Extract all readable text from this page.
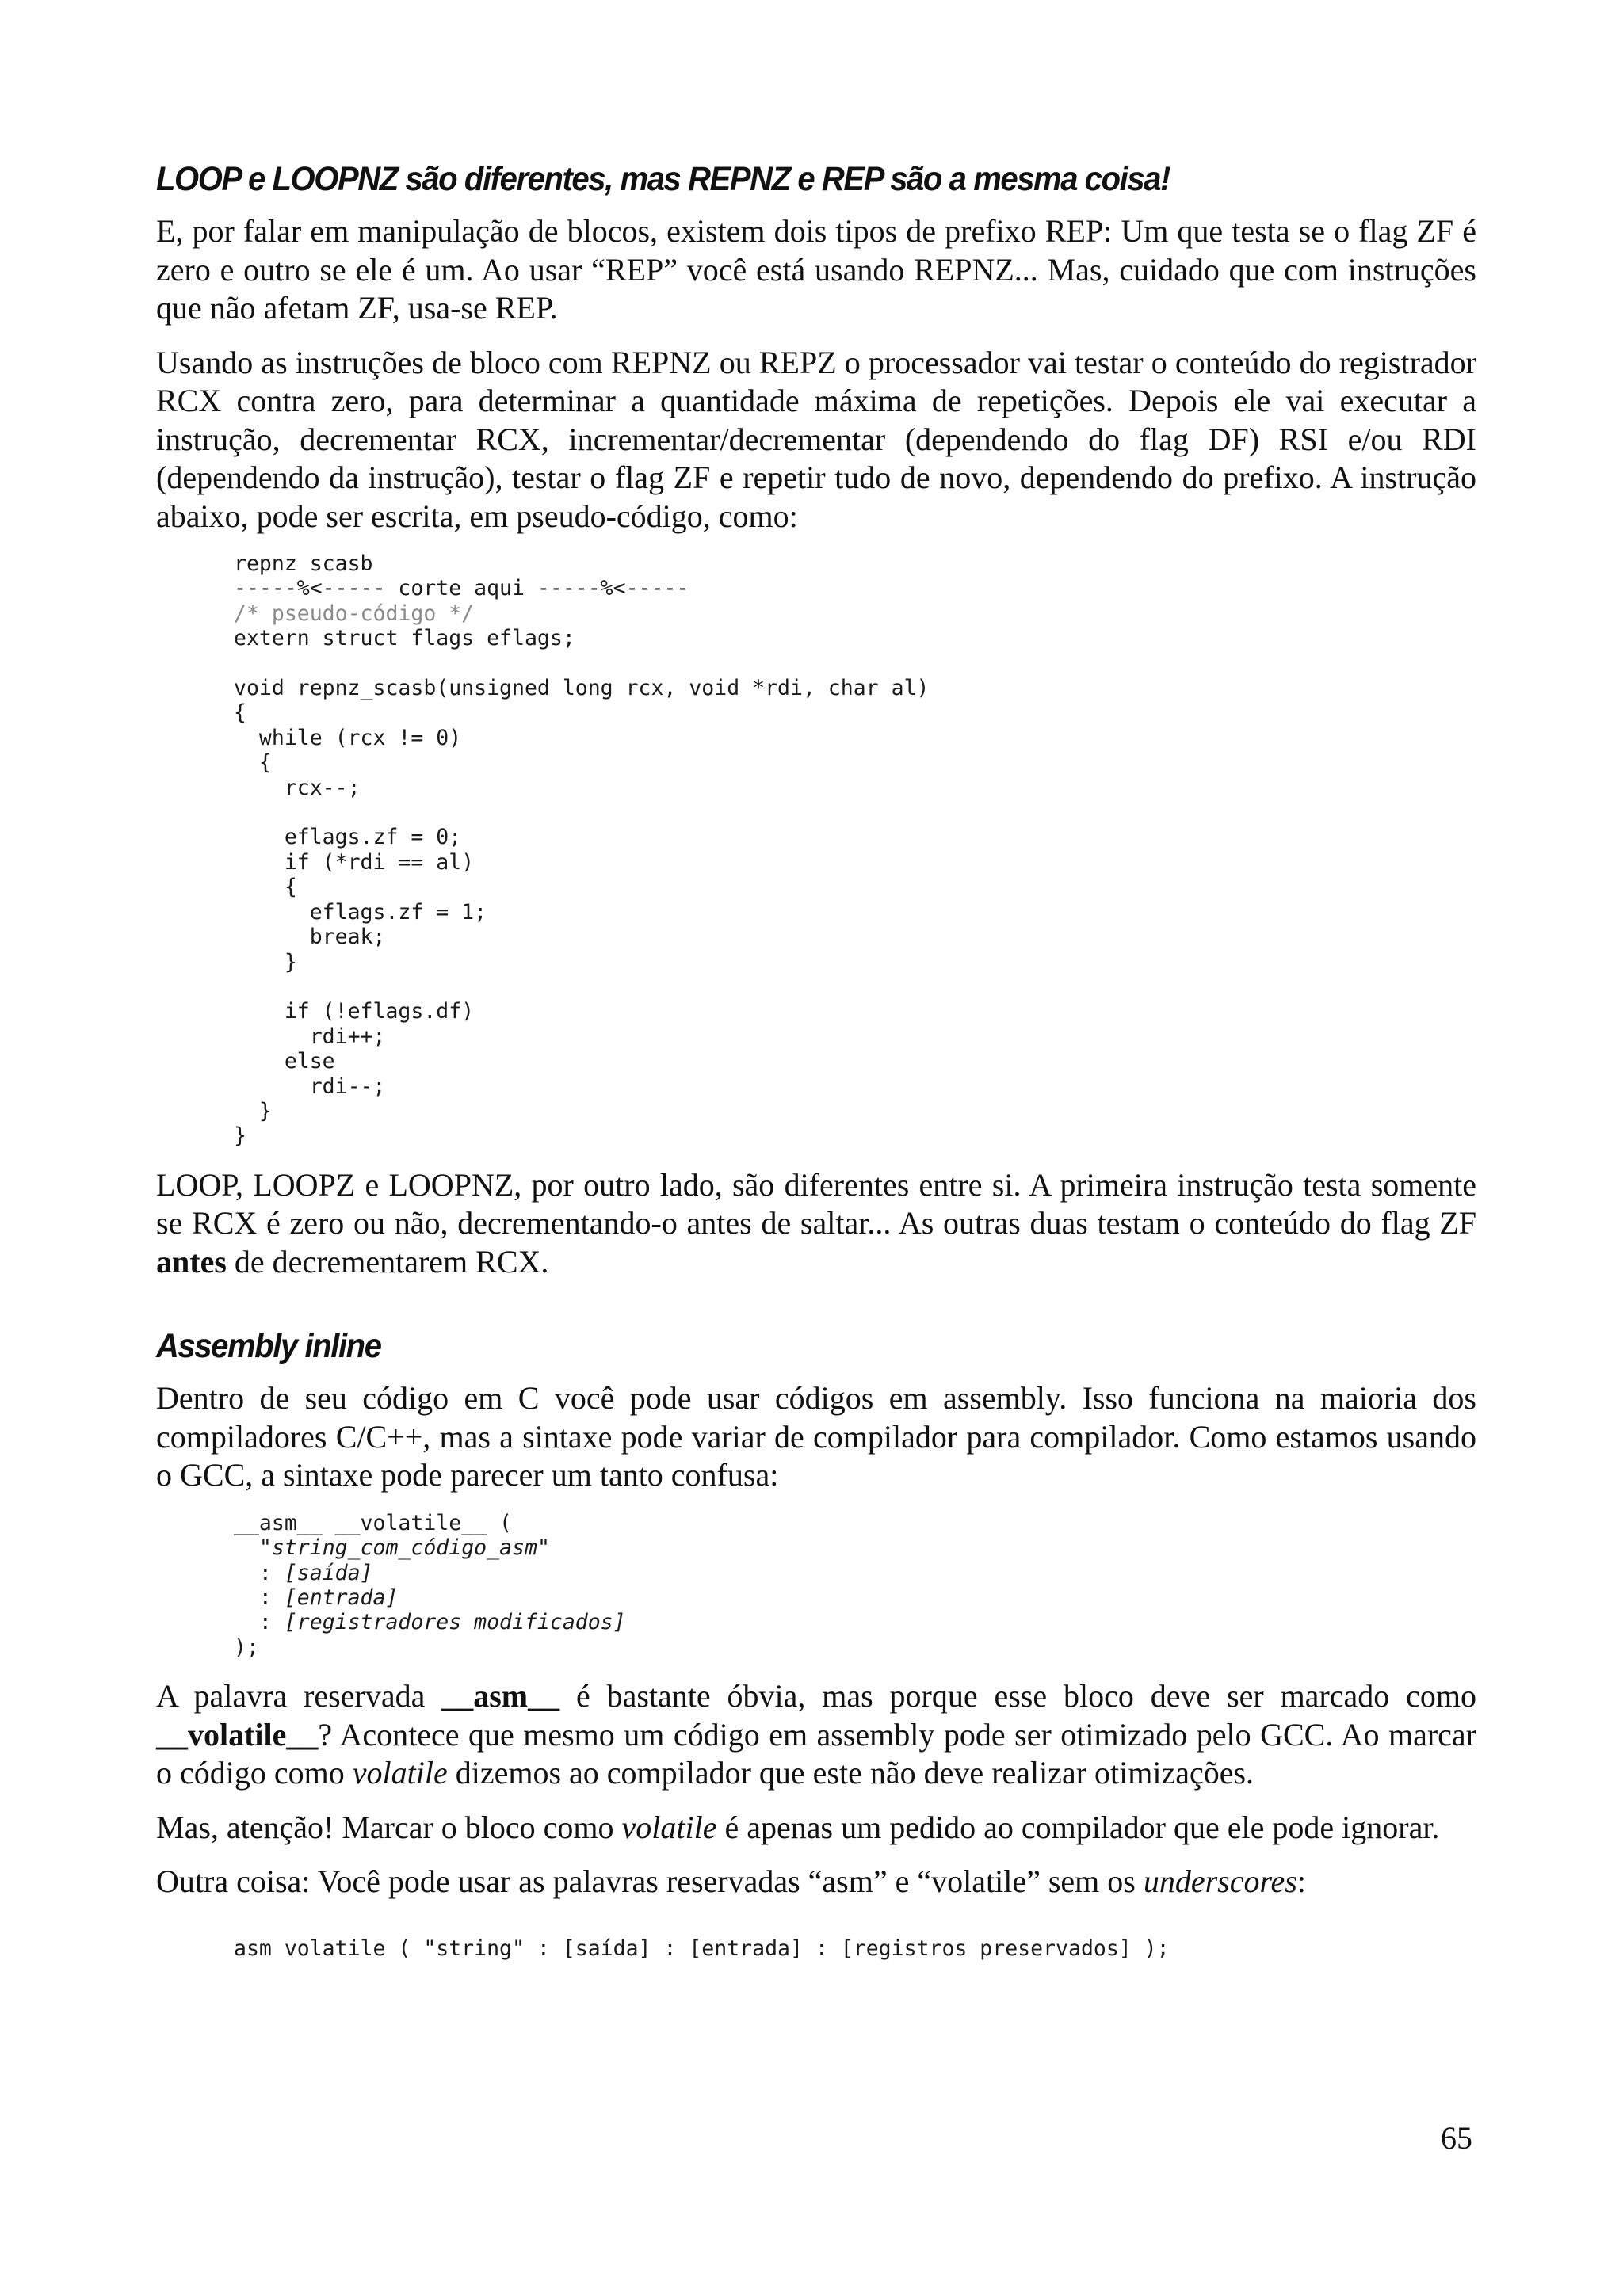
LOOP e LOOPNZ são diferentes, mas REPNZ e REP são a mesma coisa!

E, por falar em manipulação de blocos, existem dois tipos de prefixo REP: Um que testa se o flag ZF é zero e outro se ele é um. Ao usar “REP” você está usando REPNZ... Mas, cuidado que com instruções que não afetam ZF, usa-se REP.

Usando as instruções de bloco com REPNZ ou REPZ o processador vai testar o conteúdo do registrador RCX contra zero, para determinar a quantidade máxima de repetições. Depois ele vai executar a instrução, decrementar RCX, incrementar/decrementar (dependendo do flag DF) RSI e/ou RDI (dependendo da instrução), testar o flag ZF e repetir tudo de novo, dependendo do prefixo. A instrução abaixo, pode ser escrita, em pseudo-código, como:

repnz scasb
-----%<----- corte aqui -----%<-----
/* pseudo-código */
extern struct flags eflags;

void repnz_scasb(unsigned long rcx, void *rdi, char al)
{
while (rcx != 0)
{
rcx--;

eflags.zf = 0;
if (*rdi == al)
{
eflags.zf = 1;
break;
}

if (!eflags.df)
rdi++;
else
rdi--;
}
}

LOOP, LOOPZ e LOOPNZ, por outro lado, são diferentes entre si. A primeira instrução testa somente se RCX é zero ou não, decrementando-o antes de saltar... As outras duas testam o conteúdo do flag ZF antes de decrementarem RCX.

Assembly inline

Dentro de seu código em C você pode usar códigos em assembly. Isso funciona na maioria dos compiladores C/C++, mas a sintaxe pode variar de compilador para compilador. Como estamos usando o GCC, a sintaxe pode parecer um tanto confusa:

__asm__ __volatile__ (
"string_com_código_asm"
: [saída]
: [entrada]
: [registradores modificados]
);

A palavra reservada __asm__ é bastante óbvia, mas porque esse bloco deve ser marcado como __volatile__? Acontece que mesmo um código em assembly pode ser otimizado pelo GCC. Ao marcar o código como volatile dizemos ao compilador que este não deve realizar otimizações.

Mas, atenção! Marcar o bloco como volatile é apenas um pedido ao compilador que ele pode ignorar.

Outra coisa: Você pode usar as palavras reservadas “asm” e “volatile” sem os underscores:

asm volatile ( "string" : [saída] : [entrada] : [registros preservados] );
65
